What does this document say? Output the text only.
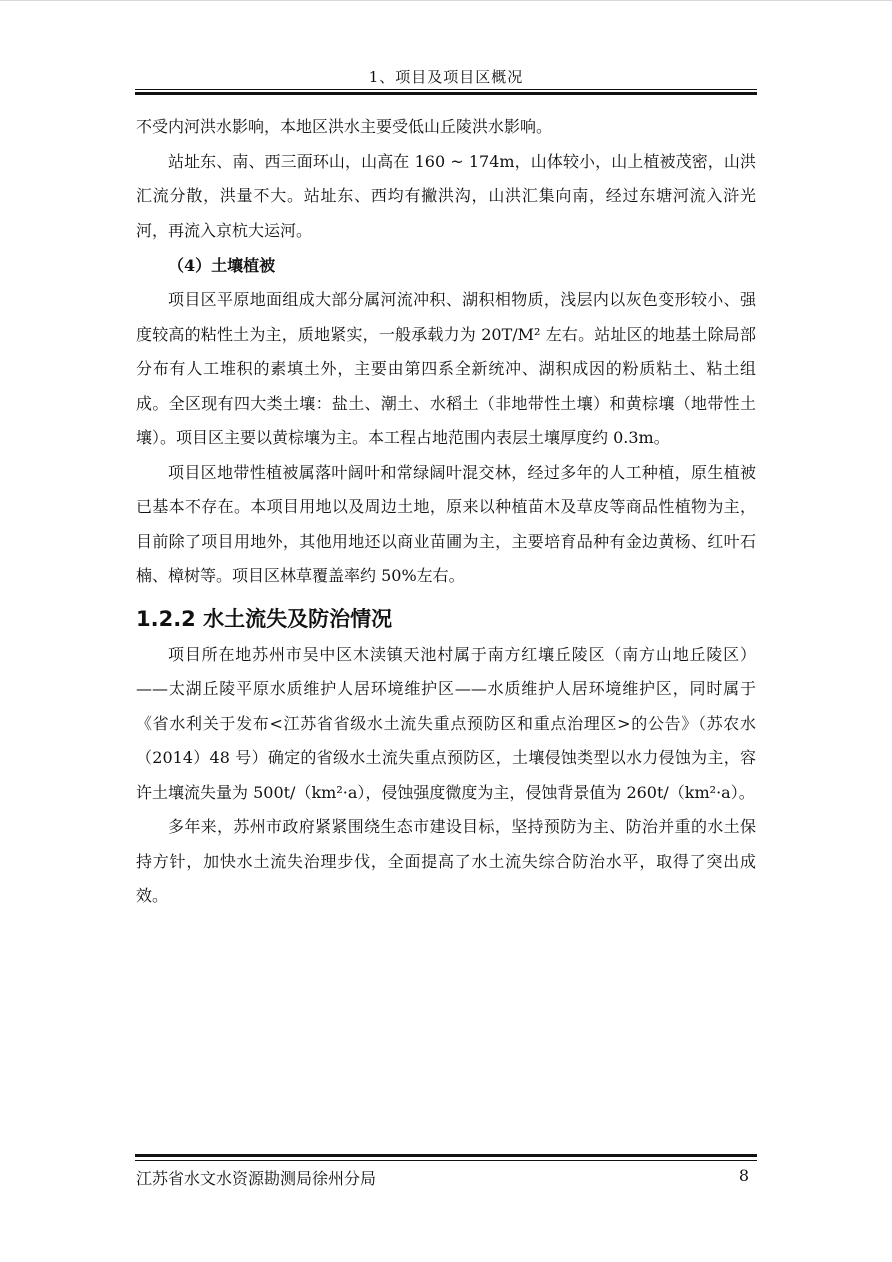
1、项目及项目区概况

不受内河洪水影响，本地区洪水主要受低山丘陵洪水影响。

站址东、南、西三面环山，山高在 160 ~ 174m，山体较小，山上植被茂密，山洪汇流分散，洪量不大。站址东、西均有撇洪沟，山洪汇集向南，经过东塘河流入浒光河，再流入京杭大运河。

（4）土壤植被

项目区平原地面组成大部分属河流冲积、湖积相物质，浅层内以灰色变形较小、强度较高的粘性土为主，质地紧实，一般承载力为 20T/M² 左右。站址区的地基土除局部分布有人工堆积的素填土外，主要由第四系全新统冲、湖积成因的粉质粘土、粘土组成。全区现有四大类土壤：盐土、潮土、水稻土（非地带性土壤）和黄棕壤（地带性土壤）。项目区主要以黄棕壤为主。本工程占地范围内表层土壤厚度约 0.3m。

项目区地带性植被属落叶阔叶和常绿阔叶混交林，经过多年的人工种植，原生植被已基本不存在。本项目用地以及周边土地，原来以种植苗木及草皮等商品性植物为主，目前除了项目用地外，其他用地还以商业苗圃为主，主要培育品种有金边黄杨、红叶石楠、樟树等。项目区林草覆盖率约 50%左右。

1.2.2 水土流失及防治情况

项目所在地苏州市吴中区木渎镇天池村属于南方红壤丘陵区（南方山地丘陵区）——太湖丘陵平原水质维护人居环境维护区——水质维护人居环境维护区，同时属于《省水利关于发布<江苏省省级水土流失重点预防区和重点治理区>的公告》（苏农水（2014）48 号）确定的省级水土流失重点预防区，土壤侵蚀类型以水力侵蚀为主，容许土壤流失量为 500t/（km²·a），侵蚀强度微度为主，侵蚀背景值为 260t/（km²·a）。

多年来，苏州市政府紧紧围绕生态市建设目标，坚持预防为主、防治并重的水土保持方针，加快水土流失治理步伐，全面提高了水土流失综合防治水平，取得了突出成效。

江苏省水文水资源勘测局徐州分局	8
